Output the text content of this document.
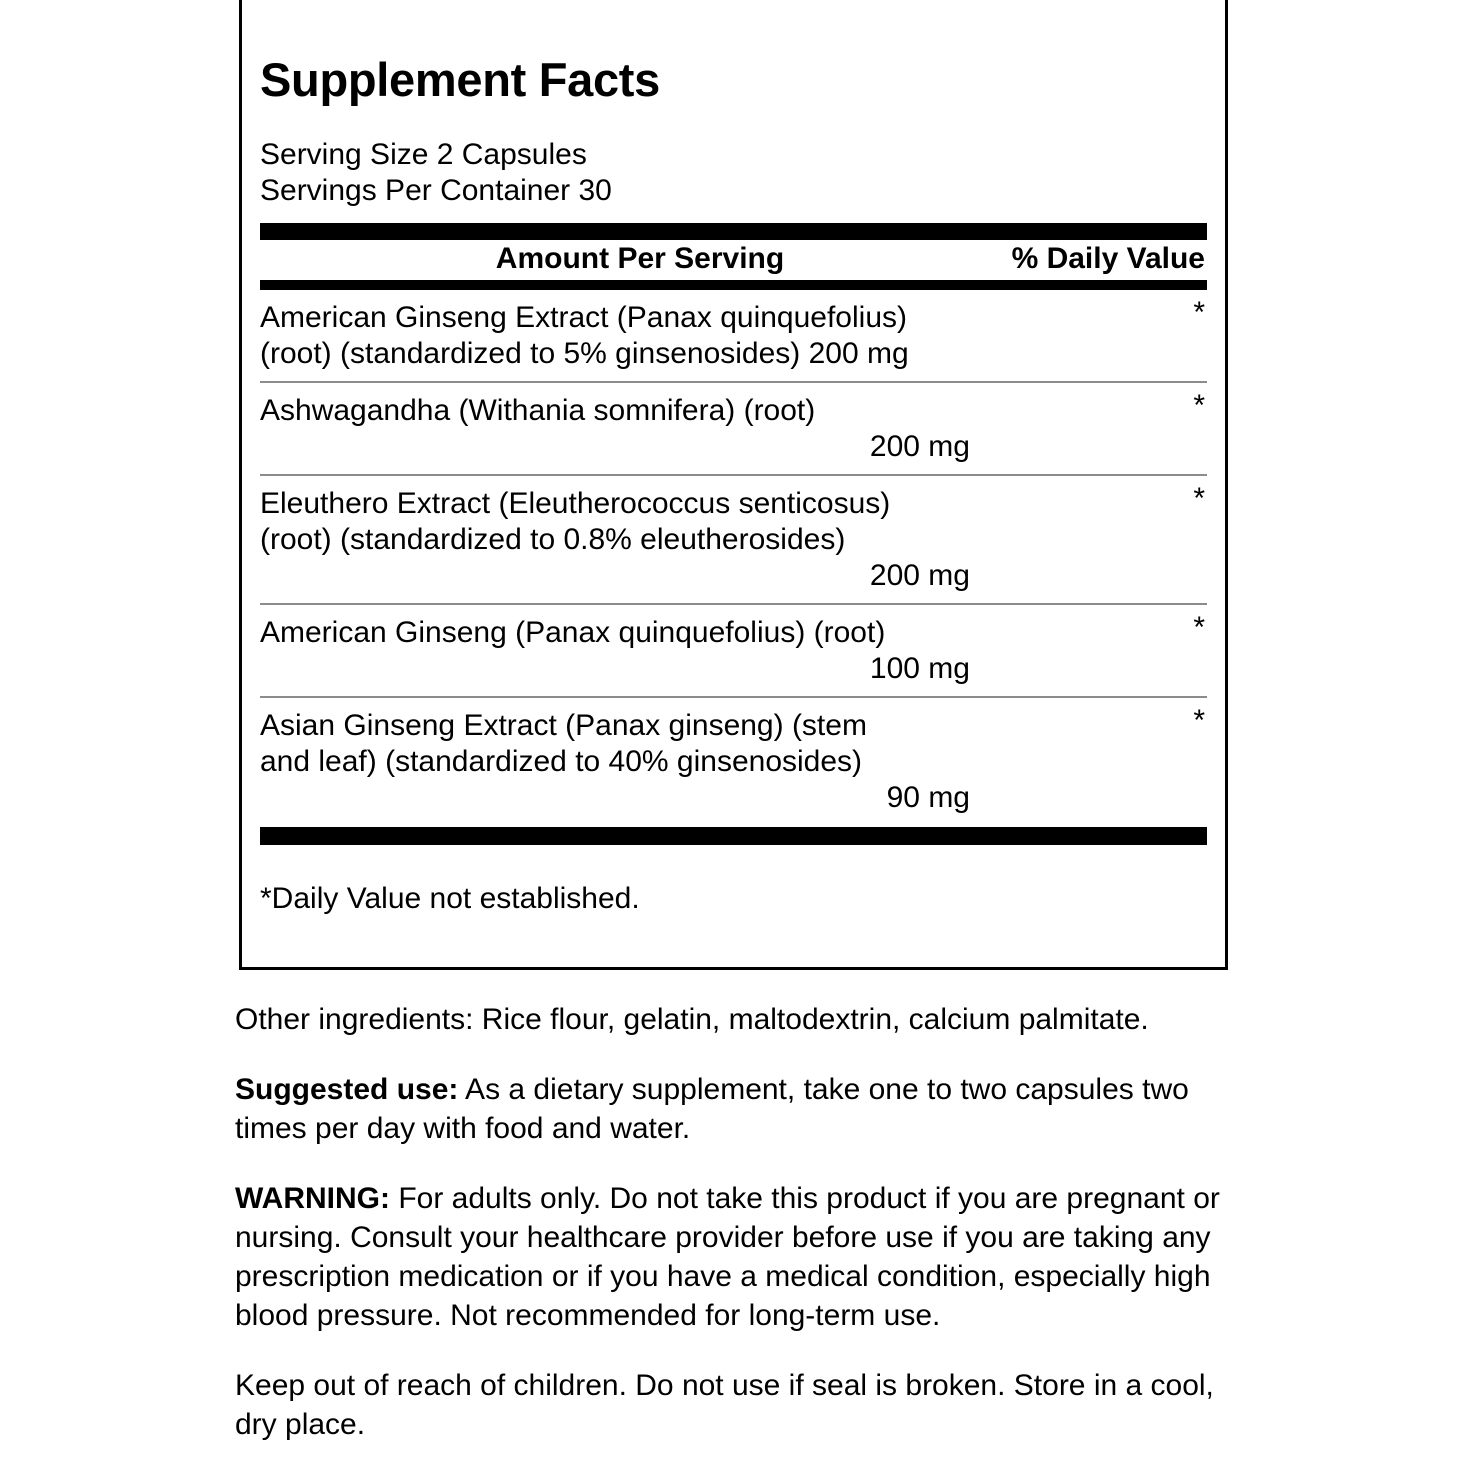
Supplement Facts
Serving Size 2 Capsules
Servings Per Container 30
Amount Per Serving	% Daily Value
American Ginseng Extract (Panax quinquefolius)
(root) (standardized to 5% ginsenosides) 200 mg
*
Ashwagandha (Withania somnifera) (root)
200 mg
*
Eleuthero Extract (Eleutherococcus senticosus)
(root) (standardized to 0.8% eleutherosides)
200 mg
*
American Ginseng (Panax quinquefolius) (root)
100 mg
*
Asian Ginseng Extract (Panax ginseng) (stem
and leaf) (standardized to 40% ginsenosides)
90 mg
*
*Daily Value not established.

Other ingredients: Rice flour, gelatin, maltodextrin, calcium palmitate.

Suggested use: As a dietary supplement, take one to two capsules two times per day with food and water.

WARNING: For adults only. Do not take this product if you are pregnant or nursing. Consult your healthcare provider before use if you are taking any prescription medication or if you have a medical condition, especially high blood pressure. Not recommended for long-term use.

Keep out of reach of children. Do not use if seal is broken. Store in a cool, dry place.
